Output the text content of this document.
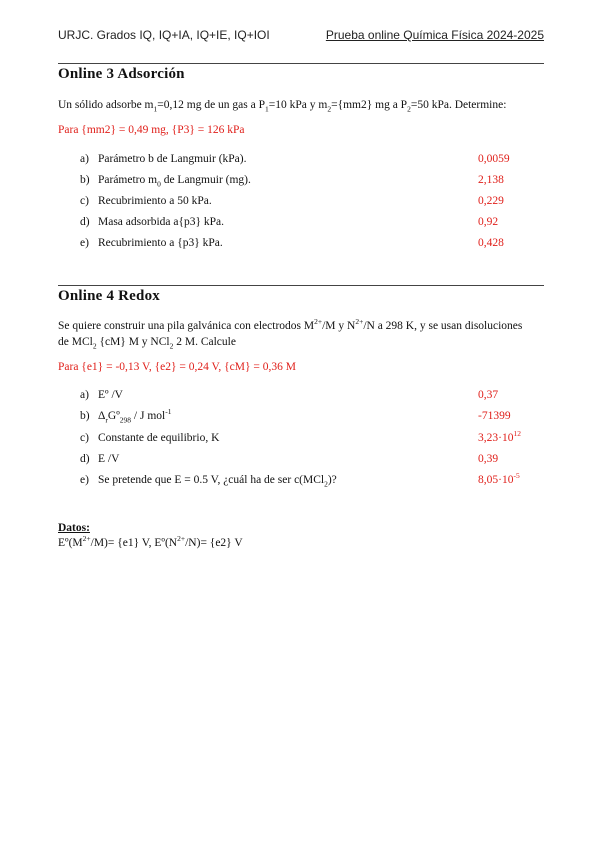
URJC. Grados IQ, IQ+IA, IQ+IE, IQ+IOI	Prueba online Química Física 2024-2025
Online 3 Adsorción
Un sólido adsorbe $m_1=0,12$ mg de un gas a $P_1=10$ kPa y $m_2=\{mm2\}$ mg a $P_2=50$ kPa. Determine:
Para {mm2} = 0,49 mg, {P3} = 126 kPa
a) Parámetro b de Langmuir (kPa).	0,0059
b) Parámetro $m_0$ de Langmuir (mg).	2,138
c) Recubrimiento a 50 kPa.	0,229
d) Masa adsorbida a{p3} kPa.	0,92
e) Recubrimiento a {p3} kPa.	0,428
Online 4 Redox
Se quiere construir una pila galvánica con electrodos $M^{2+}/M$ y $N^{2+}/N$ a 298 K, y se usan disoluciones
de MCl$_2$ {cM} M y NCl$_2$ 2 M. Calcule
Para {e1} = -0,13 V, {e2} = 0,24 V, {cM} = 0,36 M
a) Eº /V	0,37
b) $\Delta_rGº_{298}$ / J mol$^{-1}$	-71399
c) Constante de equilibrio, K	$3,23\cdot 10^{12}$
d) E /V	0,39
e) Se pretende que E = 0.5 V, ¿cuál ha de ser c(MCl$_2$)?	$8,05\cdot 10^{-5}$
Datos:
$Eº(M^{2+}/M)= \{e1\}$ V, $Eº(N^{2+}/N)= \{e2\}$ V
